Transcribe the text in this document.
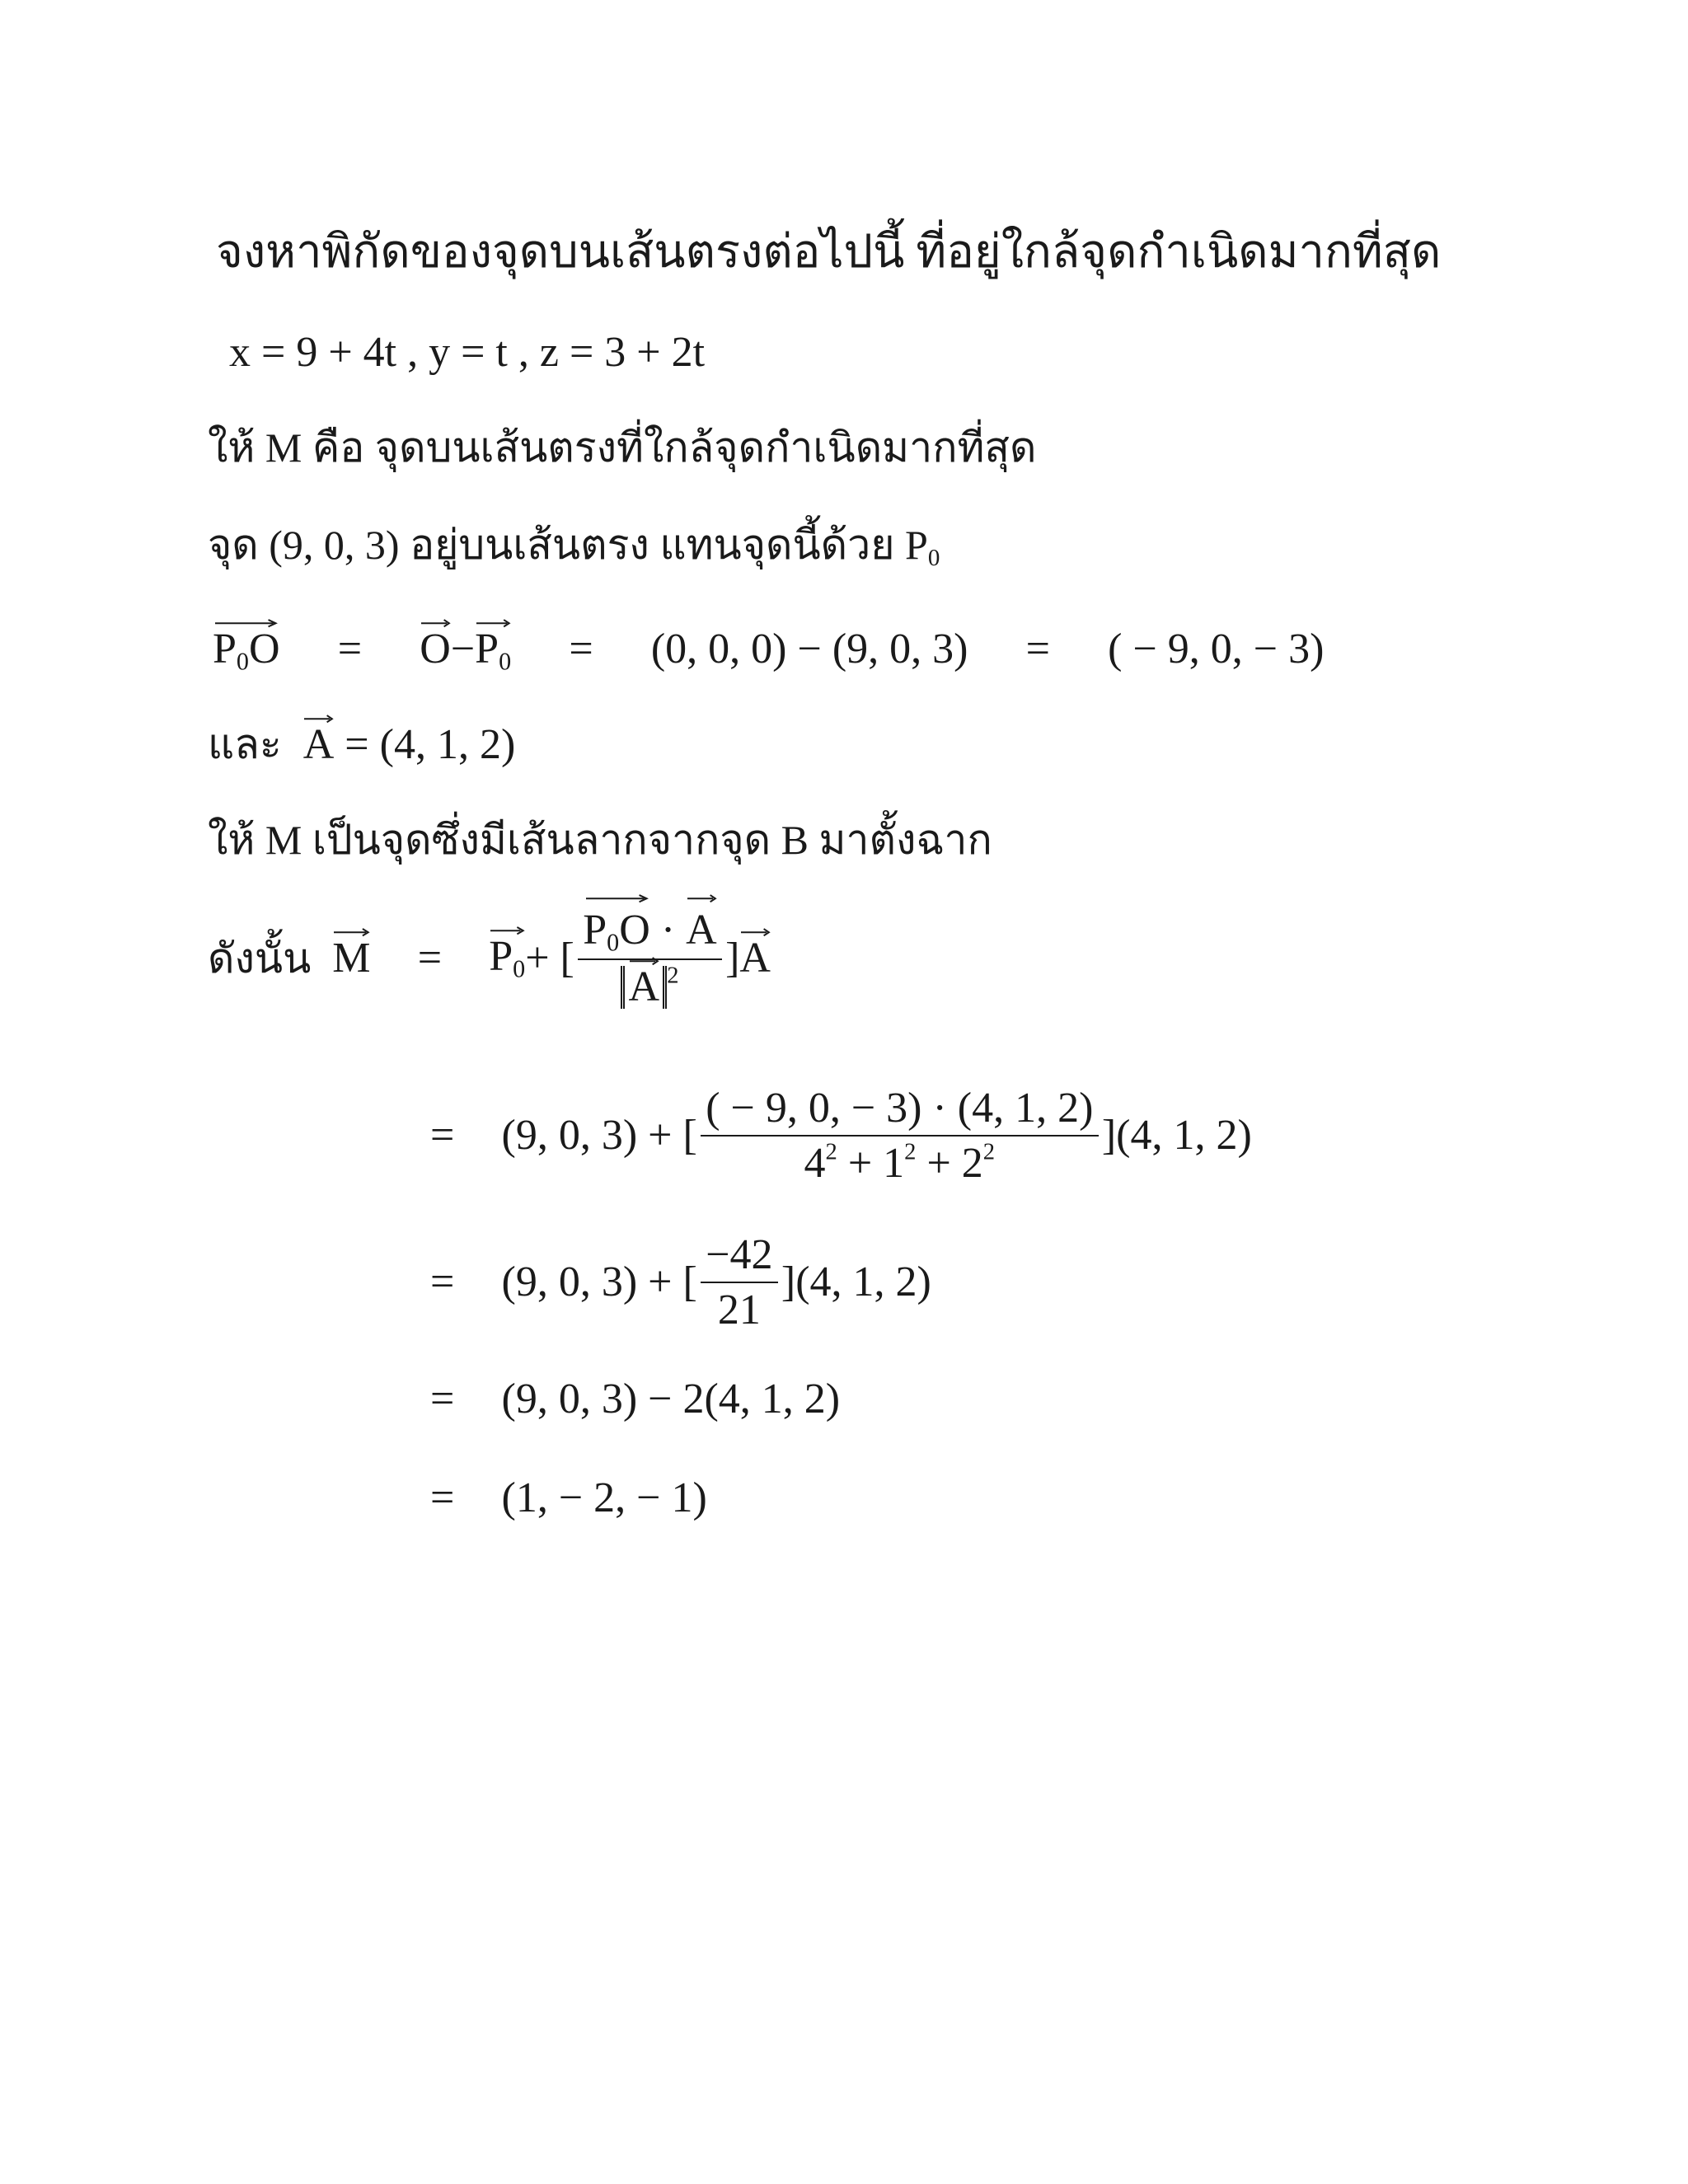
จงหาพิกัดของจุดบนเส้นตรงต่อไปนี้ ที่อยู่ใกล้จุดกำเนิดมากที่สุด
x = 9 + 4t , y = t , z = 3 + 2t
ให้ M คือ จุดบนเส้นตรงที่ใกล้จุดกำเนิดมากที่สุด
จุด (9, 0, 3) อยู่บนเส้นตรง แทนจุดนี้ด้วย $P_0$
$P_0O = O-$
$P_0 = (0$, 0, 0) − (9, 0, 3) = ( − 9, 0, − 3)
และ A = (4, 1, 2)
ให้ M เป็นจุดซึ่งมีเส้นลากจากจุด B มาตั้งฉาก
ดังนั้น
$M = P_0$ + [ $P_0O$ ·
A
A $^2$ ] A
= (9, 0, 3) + [ $\frac{( - 9, 0, - 3) \cdot (4, 1, 2)}{4^2 + 1^2 + 2^2} ](4$, 1, 2)
= (9, 0, 3) + [ $\frac{-42}{21} ](4$, 1, 2)
= (9, 0, 3) − 2(4, 1, 2)
= (1, − 2, − 1)
